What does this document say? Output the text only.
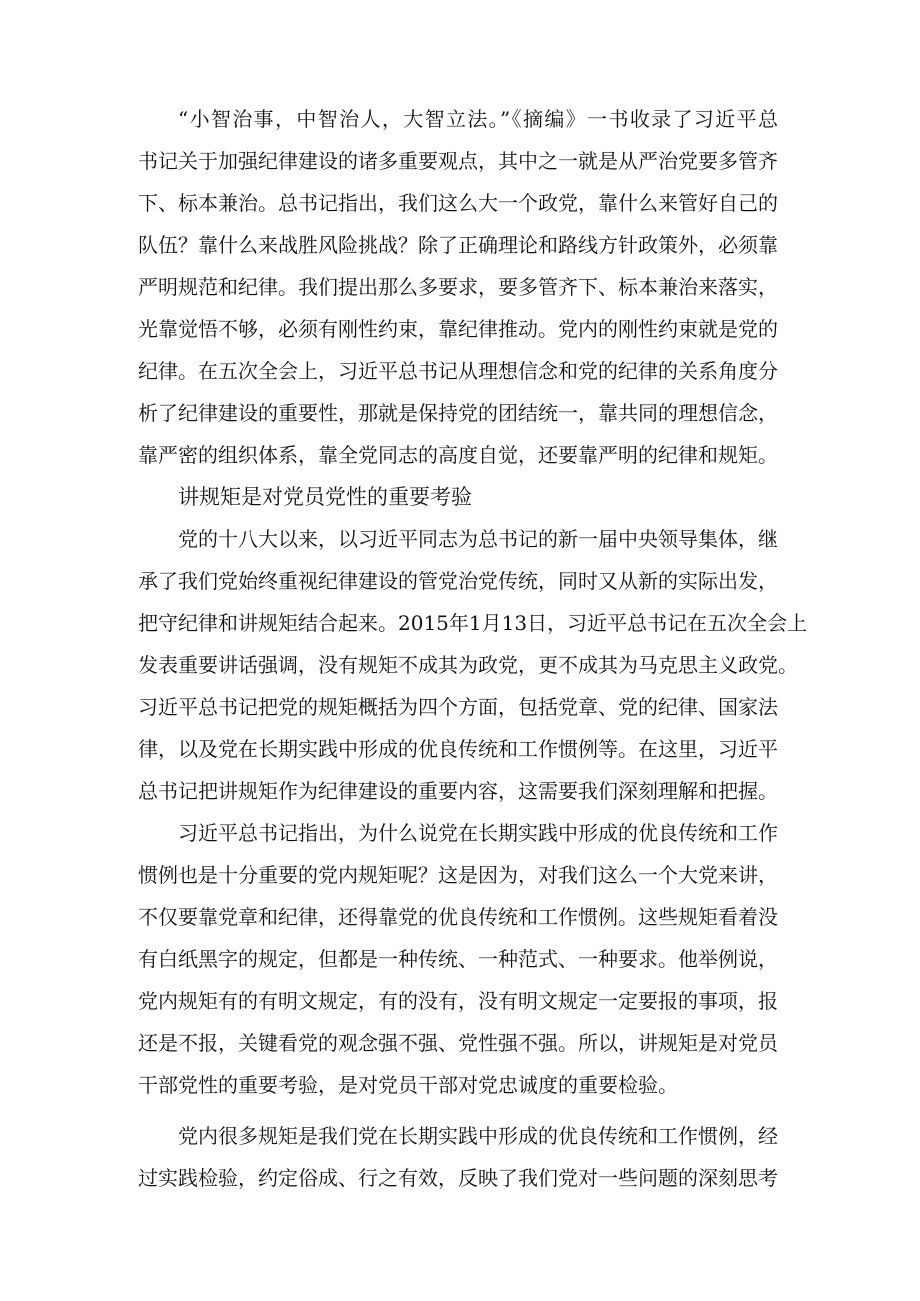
“小智治事，中智治人，大智立法。”《摘编》一书收录了习近平总
书记关于加强纪律建设的诸多重要观点，其中之一就是从严治党要多管齐
下、标本兼治。总书记指出，我们这么大一个政党，靠什么来管好自己的
队伍？靠什么来战胜风险挑战？除了正确理论和路线方针政策外，必须靠
严明规范和纪律。我们提出那么多要求，要多管齐下、标本兼治来落实，
光靠觉悟不够，必须有刚性约束，靠纪律推动。党内的刚性约束就是党的
纪律。在五次全会上，习近平总书记从理想信念和党的纪律的关系角度分
析了纪律建设的重要性，那就是保持党的团结统一，靠共同的理想信念，
靠严密的组织体系，靠全党同志的高度自觉，还要靠严明的纪律和规矩。
讲规矩是对党员党性的重要考验
党的十八大以来，以习近平同志为总书记的新一届中央领导集体，继
承了我们党始终重视纪律建设的管党治党传统，同时又从新的实际出发，
把守纪律和讲规矩结合起来。2015年1月13日，习近平总书记在五次全会上
发表重要讲话强调，没有规矩不成其为政党，更不成其为马克思主义政党。
习近平总书记把党的规矩概括为四个方面，包括党章、党的纪律、国家法
律，以及党在长期实践中形成的优良传统和工作惯例等。在这里，习近平
总书记把讲规矩作为纪律建设的重要内容，这需要我们深刻理解和把握。
习近平总书记指出，为什么说党在长期实践中形成的优良传统和工作
惯例也是十分重要的党内规矩呢？这是因为，对我们这么一个大党来讲，
不仅要靠党章和纪律，还得靠党的优良传统和工作惯例。这些规矩看着没
有白纸黑字的规定，但都是一种传统、一种范式、一种要求。他举例说，
党内规矩有的有明文规定，有的没有，没有明文规定一定要报的事项，报
还是不报，关键看党的观念强不强、党性强不强。所以，讲规矩是对党员
干部党性的重要考验，是对党员干部对党忠诚度的重要检验。
党内很多规矩是我们党在长期实践中形成的优良传统和工作惯例，经
过实践检验，约定俗成、行之有效，反映了我们党对一些问题的深刻思考
